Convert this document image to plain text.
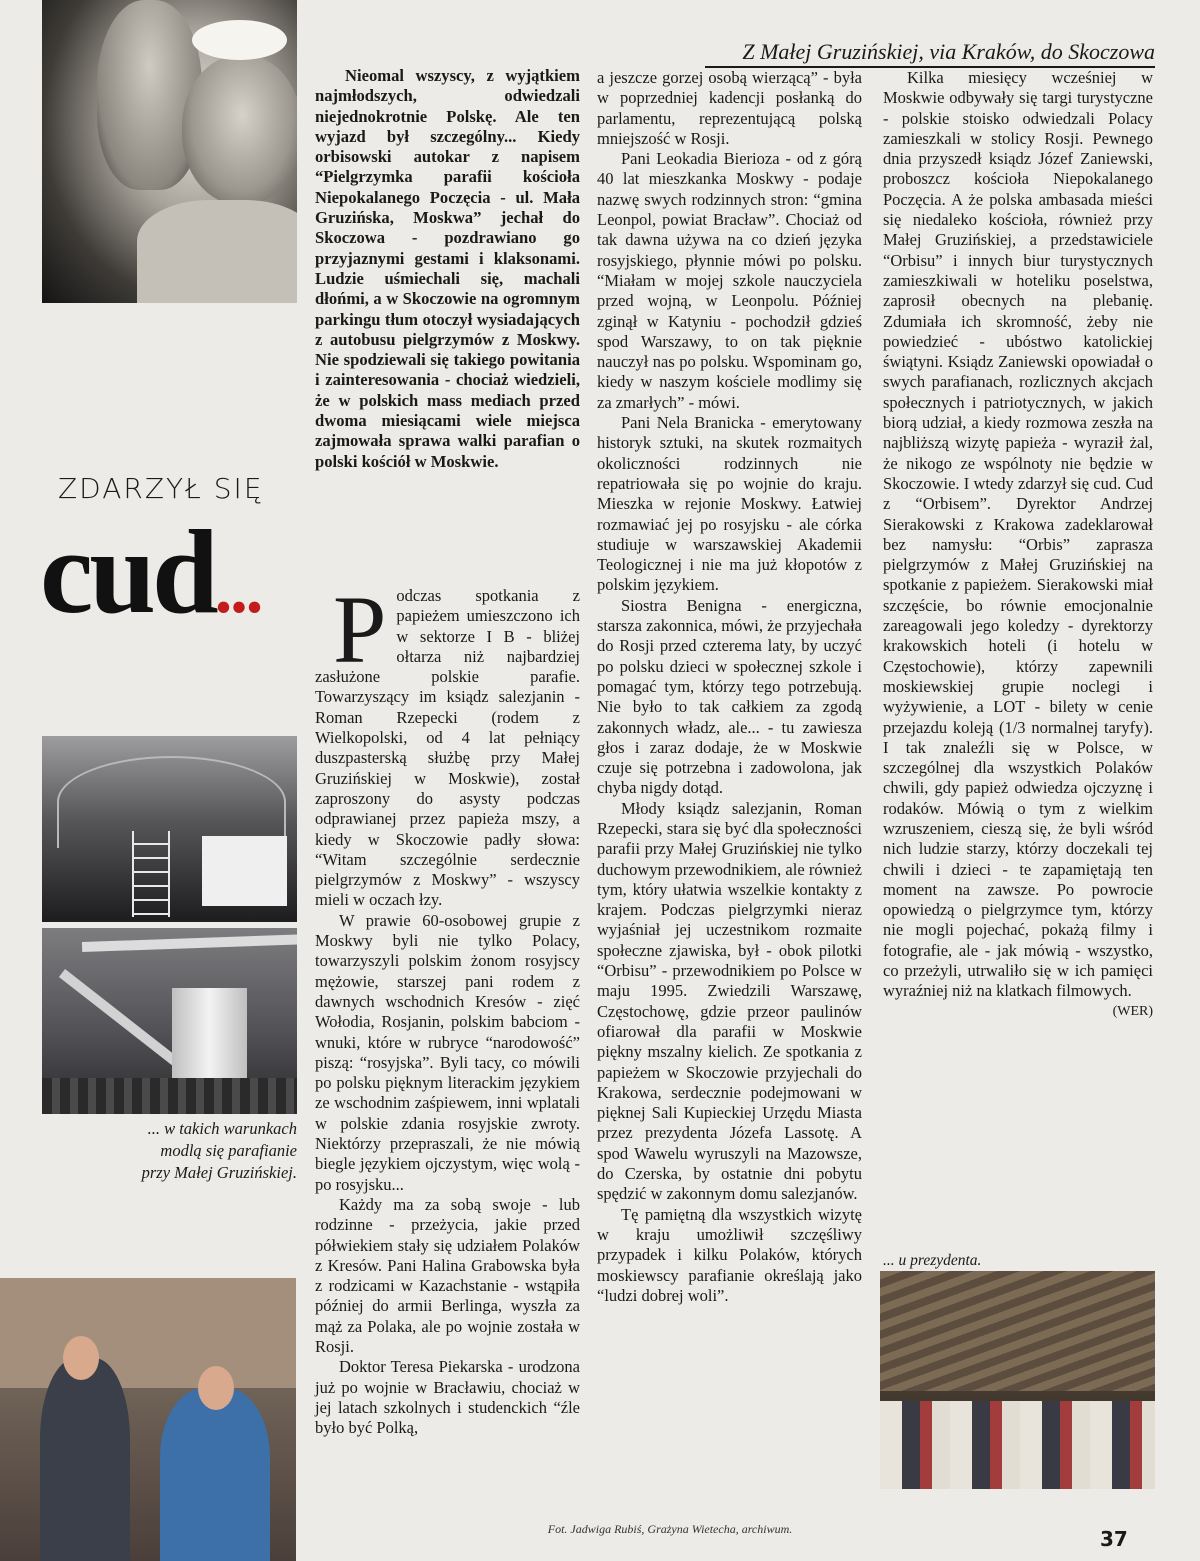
Z Małej Gruzińskiej, via Kraków, do Skoczowa
ZDARZYŁ SIĘ
cud...

Nieomal wszyscy, z wyjątkiem najmłodszych, odwiedzali niejednokrotnie Polskę. Ale ten wyjazd był szczególny... Kiedy orbisowski autokar z napisem “Pielgrzymka parafii kościoła Niepokalanego Poczęcia - ul. Mała Gruzińska, Moskwa” jechał do Skoczowa - pozdrawiano go przyjaznymi gestami i klaksonami. Ludzie uśmiechali się, machali dłońmi, a w Skoczowie na ogromnym parkingu tłum otoczył wysiadających z autobusu pielgrzymów z Moskwy. Nie spodziewali się takiego powitania i zainteresowania - chociaż wiedzieli, że w polskich mass mediach przed dwoma miesiącami wiele miejsca zajmowała sprawa walki parafian o polski kościół w Moskwie.

P odczas spotkania z papieżem umieszczono ich w sektorze I B - bliżej ołtarza niż najbardziej zasłużone polskie parafie. Towarzyszący im ksiądz salezjanin - Roman Rzepecki (rodem z Wielkopolski, od 4 lat pełniący duszpasterską służbę przy Małej Gruzińskiej w Moskwie), został zaproszony do asysty podczas odprawianej przez papieża mszy, a kiedy w Skoczowie padły słowa: “Witam szczególnie serdecznie pielgrzymów z Moskwy” - wszyscy mieli w oczach łzy.

W prawie 60-osobowej grupie z Moskwy byli nie tylko Polacy, towarzyszyli polskim żonom rosyjscy mężowie, starszej pani rodem z dawnych wschodnich Kresów - zięć Wołodia, Rosjanin, polskim babciom - wnuki, które w rubryce “narodowość” piszą: “rosyjska”. Byli tacy, co mówili po polsku pięknym literackim językiem ze wschodnim zaśpiewem, inni wplatali w polskie zdania rosyjskie zwroty. Niektórzy przepraszali, że nie mówią biegle językiem ojczystym, więc wolą - po rosyjsku...

Każdy ma za sobą swoje - lub rodzinne - przeżycia, jakie przed półwiekiem stały się udziałem Polaków z Kresów. Pani Halina Grabowska była z rodzicami w Kazachstanie - wstąpiła później do armii Berlinga, wyszła za mąż za Polaka, ale po wojnie została w Rosji.

Doktor Teresa Piekarska - urodzona już po wojnie w Bracławiu, chociaż w jej latach szkolnych i studenckich “źle było być Polką,

a jeszcze gorzej osobą wierzącą” - była w poprzedniej kadencji posłanką do parlamentu, reprezentującą polską mniejszość w Rosji.

Pani Leokadia Bierioza - od z górą 40 lat mieszkanka Moskwy - podaje nazwę swych rodzinnych stron: “gmina Leonpol, powiat Bracław”. Chociaż od tak dawna używa na co dzień języka rosyjskiego, płynnie mówi po polsku. “Miałam w mojej szkole nauczyciela przed wojną, w Leonpolu. Później zginął w Katyniu - pochodził gdzieś spod Warszawy, to on tak pięknie nauczył nas po polsku. Wspominam go, kiedy w naszym kościele modlimy się za zmarłych” - mówi.

Pani Nela Branicka - emerytowany historyk sztuki, na skutek rozmaitych okoliczności rodzinnych nie repatriowała się po wojnie do kraju. Mieszka w rejonie Moskwy. Łatwiej rozmawiać jej po rosyjsku - ale córka studiuje w warszawskiej Akademii Teologicznej i nie ma już kłopotów z polskim językiem.

Siostra Benigna - energiczna, starsza zakonnica, mówi, że przyjechała do Rosji przed czterema laty, by uczyć po polsku dzieci w społecznej szkole i pomagać tym, którzy tego potrzebują. Nie było to tak całkiem za zgodą zakonnych władz, ale... - tu zawiesza głos i zaraz dodaje, że w Moskwie czuje się potrzebna i zadowolona, jak chyba nigdy dotąd.

Młody ksiądz salezjanin, Roman Rzepecki, stara się być dla społeczności parafii przy Małej Gruzińskiej nie tylko duchowym przewodnikiem, ale również tym, który ułatwia wszelkie kontakty z krajem. Podczas pielgrzymki nieraz wyjaśniał jej uczestnikom rozmaite społeczne zjawiska, był - obok pilotki “Orbisu” - przewodnikiem po Polsce w maju 1995. Zwiedzili Warszawę, Częstochowę, gdzie przeor paulinów ofiarował dla parafii w Moskwie piękny mszalny kielich. Ze spotkania z papieżem w Skoczowie przyjechali do Krakowa, serdecznie podejmowani w pięknej Sali Kupieckiej Urzędu Miasta przez prezydenta Józefa Lassotę. A spod Wawelu wyruszyli na Mazowsze, do Czerska, by ostatnie dni pobytu spędzić w zakonnym domu salezjanów.

Tę pamiętną dla wszystkich wizytę w kraju umożliwił szczęśliwy przypadek i kilku Polaków, których moskiewscy parafianie określają jako “ludzi dobrej woli”.

Kilka miesięcy wcześniej w Moskwie odbywały się targi turystyczne - polskie stoisko odwiedzali Polacy zamieszkali w stolicy Rosji. Pewnego dnia przyszedł ksiądz Józef Zaniewski, proboszcz kościoła Niepokalanego Poczęcia. A że polska ambasada mieści się niedaleko kościoła, również przy Małej Gruzińskiej, a przedstawiciele “Orbisu” i innych biur turystycznych zamieszkiwali w hoteliku poselstwa, zaprosił obecnych na plebanię. Zdumiała ich skromność, żeby nie powiedzieć - ubóstwo katolickiej świątyni. Ksiądz Zaniewski opowiadał o swych parafianach, rozlicznych akcjach społecznych i patriotycznych, w jakich biorą udział, a kiedy rozmowa zeszła na najbliższą wizytę papieża - wyraził żal, że nikogo ze wspólnoty nie będzie w Skoczowie. I wtedy zdarzył się cud. Cud z “Orbisem”. Dyrektor Andrzej Sierakowski z Krakowa zadeklarował bez namysłu: “Orbis” zaprasza pielgrzymów z Małej Gruzińskiej na spotkanie z papieżem. Sierakowski miał szczęście, bo równie emocjonalnie zareagowali jego koledzy - dyrektorzy krakowskich hoteli (i hotelu w Częstochowie), którzy zapewnili moskiewskiej grupie noclegi i wyżywienie, a LOT - bilety w cenie przejazdu koleją (1/3 normalnej taryfy). I tak znaleźli się w Polsce, w szczególnej dla wszystkich Polaków chwili, gdy papież odwiedza ojczyznę i rodaków. Mówią o tym z wielkim wzruszeniem, cieszą się, że byli wśród nich ludzie starzy, którzy doczekali tej chwili i dzieci - te zapamiętają ten moment na zawsze. Po powrocie opowiedzą o pielgrzymce tym, którzy nie mogli pojechać, pokażą filmy i fotografie, ale - jak mówią - wszystko, co przeżyli, utrwaliło się w ich pamięci wyraźniej niż na klatkach filmowych.
(WER)

... w takich warunkach modlą się parafianie przy Małej Gruzińskiej.
... u prezydenta.
Fot. Jadwiga Rubiś, Grażyna Wietecha, archiwum.	37
